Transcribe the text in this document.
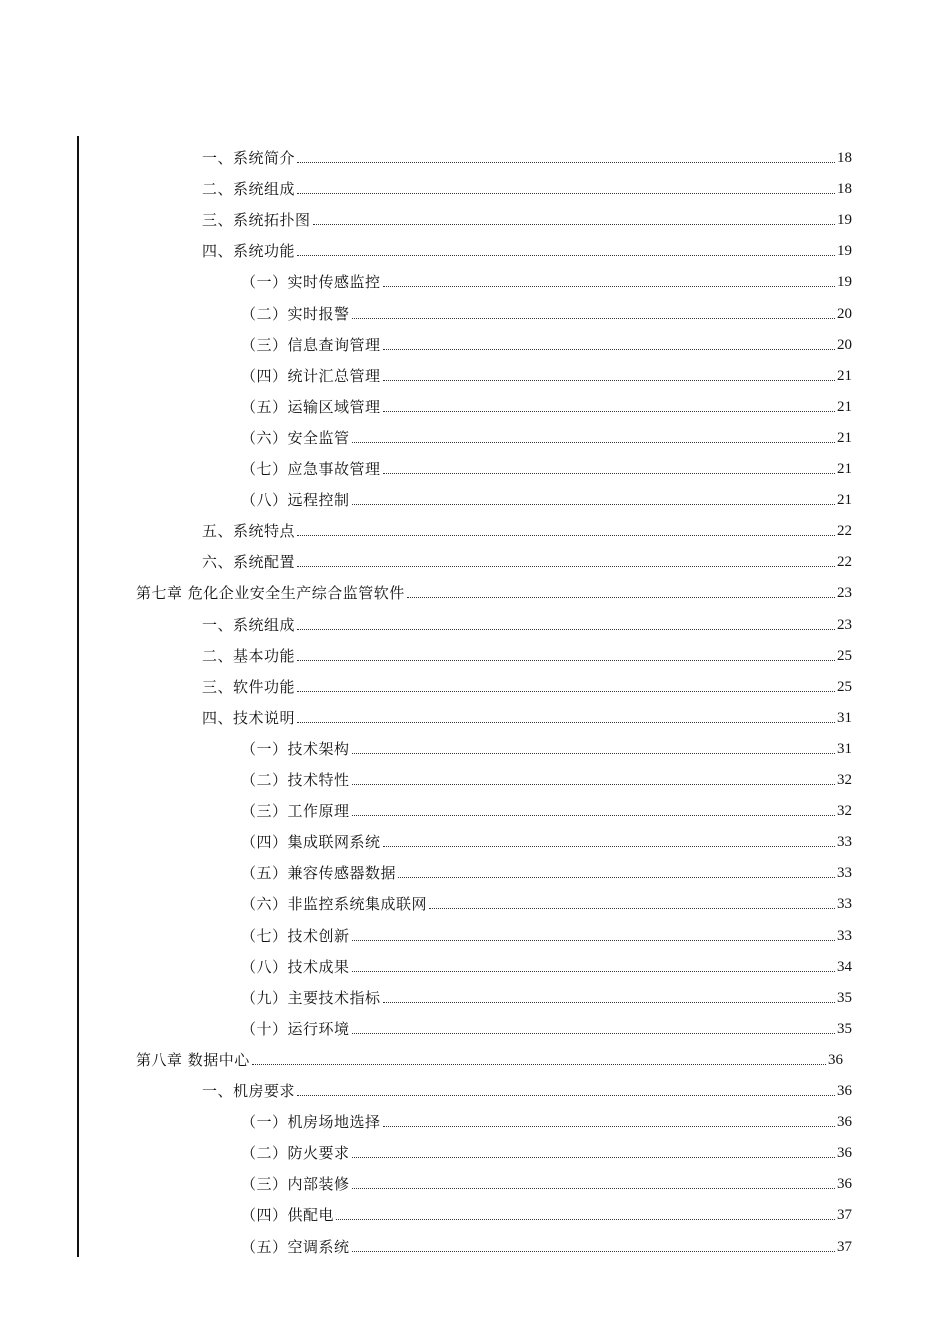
一、系统简介	18
二、系统组成	18
三、系统拓扑图	19
四、系统功能	19
（一）实时传感监控	19
（二）实时报警	20
（三）信息查询管理	20
（四）统计汇总管理	21
（五）运输区域管理	21
（六）安全监管	21
（七）应急事故管理	21
（八）远程控制	21
五、系统特点	22
六、系统配置	22
第七章 危化企业安全生产综合监管软件	23
一、系统组成	23
二、基本功能	25
三、软件功能	25
四、技术说明	31
（一）技术架构	31
（二）技术特性	32
（三）工作原理	32
（四）集成联网系统	33
（五）兼容传感器数据	33
（六）非监控系统集成联网	33
（七）技术创新	33
（八）技术成果	34
（九）主要技术指标	35
（十）运行环境	35
第八章 数据中心	36
一、机房要求	36
（一）机房场地选择	36
（二）防火要求	36
（三）内部装修	36
（四）供配电	37
（五）空调系统	37
